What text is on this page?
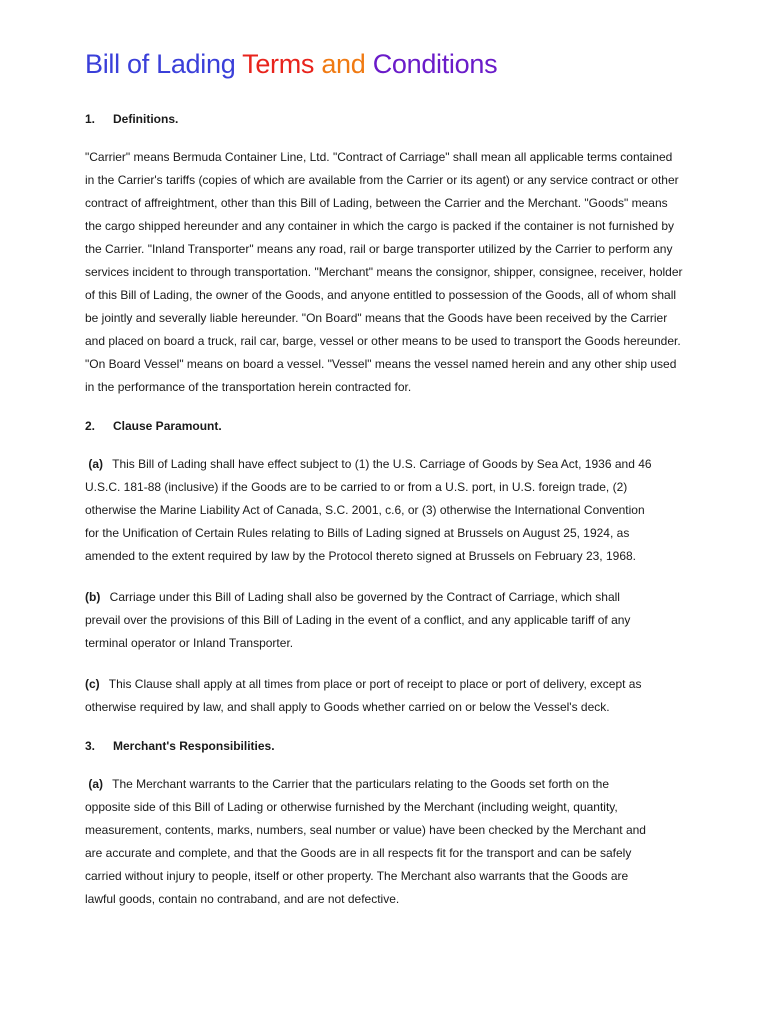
Bill of Lading Terms and Conditions
1. Definitions.
"Carrier" means Bermuda Container Line, Ltd. "Contract of Carriage" shall mean all applicable terms contained
in the Carrier's tariffs (copies of which are available from the Carrier or its agent) or any service contract or other
contract of affreightment, other than this Bill of Lading, between the Carrier and the Merchant. "Goods" means
the cargo shipped hereunder and any container in which the cargo is packed if the container is not furnished by
the Carrier. "Inland Transporter" means any road, rail or barge transporter utilized by the Carrier to perform any
services incident to through transportation. "Merchant" means the consignor, shipper, consignee, receiver, holder
of this Bill of Lading, the owner of the Goods, and anyone entitled to possession of the Goods, all of whom shall
be jointly and severally liable hereunder. "On Board" means that the Goods have been received by the Carrier
and placed on board a truck, rail car, barge, vessel or other means to be used to transport the Goods hereunder.
"On Board Vessel" means on board a vessel. "Vessel" means the vessel named herein and any other ship used
in the performance of the transportation herein contracted for.
2. Clause Paramount.
(a) This Bill of Lading shall have effect subject to (1) the U.S. Carriage of Goods by Sea Act, 1936 and 46
U.S.C. 181-88 (inclusive) if the Goods are to be carried to or from a U.S. port, in U.S. foreign trade, (2)
otherwise the Marine Liability Act of Canada, S.C. 2001, c.6, or (3) otherwise the International Convention
for the Unification of Certain Rules relating to Bills of Lading signed at Brussels on August 25, 1924, as
amended to the extent required by law by the Protocol thereto signed at Brussels on February 23, 1968.
(b) Carriage under this Bill of Lading shall also be governed by the Contract of Carriage, which shall
prevail over the provisions of this Bill of Lading in the event of a conflict, and any applicable tariff of any
terminal operator or Inland Transporter.
(c) This Clause shall apply at all times from place or port of receipt to place or port of delivery, except as
otherwise required by law, and shall apply to Goods whether carried on or below the Vessel's deck.
3. Merchant's Responsibilities.
(a) The Merchant warrants to the Carrier that the particulars relating to the Goods set forth on the
opposite side of this Bill of Lading or otherwise furnished by the Merchant (including weight, quantity,
measurement, contents, marks, numbers, seal number or value) have been checked by the Merchant and
are accurate and complete, and that the Goods are in all respects fit for the transport and can be safely
carried without injury to people, itself or other property. The Merchant also warrants that the Goods are
lawful goods, contain no contraband, and are not defective.
